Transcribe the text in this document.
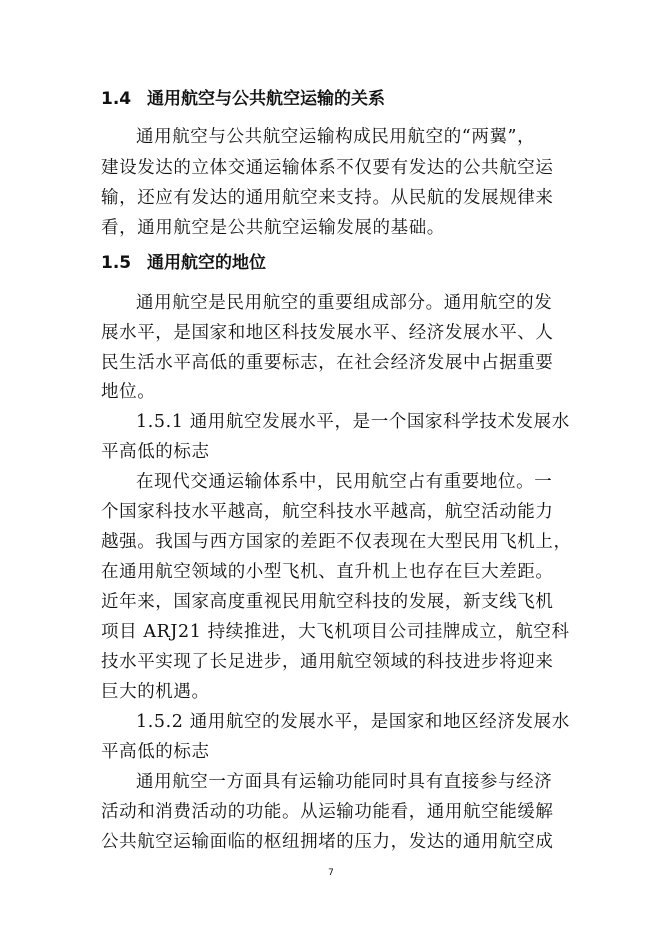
1.4 通用航空与公共航空运输的关系
通用航空与公共航空运输构成民用航空的“两翼”，
建设发达的立体交通运输体系不仅要有发达的公共航空运
输，还应有发达的通用航空来支持。从民航的发展规律来
看，通用航空是公共航空运输发展的基础。
1.5 通用航空的地位
通用航空是民用航空的重要组成部分。通用航空的发
展水平，是国家和地区科技发展水平、经济发展水平、人
民生活水平高低的重要标志，在社会经济发展中占据重要
地位。
1.5.1 通用航空发展水平，是一个国家科学技术发展水
平高低的标志
在现代交通运输体系中，民用航空占有重要地位。一
个国家科技水平越高，航空科技水平越高，航空活动能力
越强。我国与西方国家的差距不仅表现在大型民用飞机上，
在通用航空领域的小型飞机、直升机上也存在巨大差距。
近年来，国家高度重视民用航空科技的发展，新支线飞机
项目 ARJ21 持续推进，大飞机项目公司挂牌成立，航空科
技水平实现了长足进步，通用航空领域的科技进步将迎来
巨大的机遇。
1.5.2 通用航空的发展水平，是国家和地区经济发展水
平高低的标志
通用航空一方面具有运输功能同时具有直接参与经济
活动和消费活动的功能。从运输功能看，通用航空能缓解
公共航空运输面临的枢纽拥堵的压力，发达的通用航空成
7
